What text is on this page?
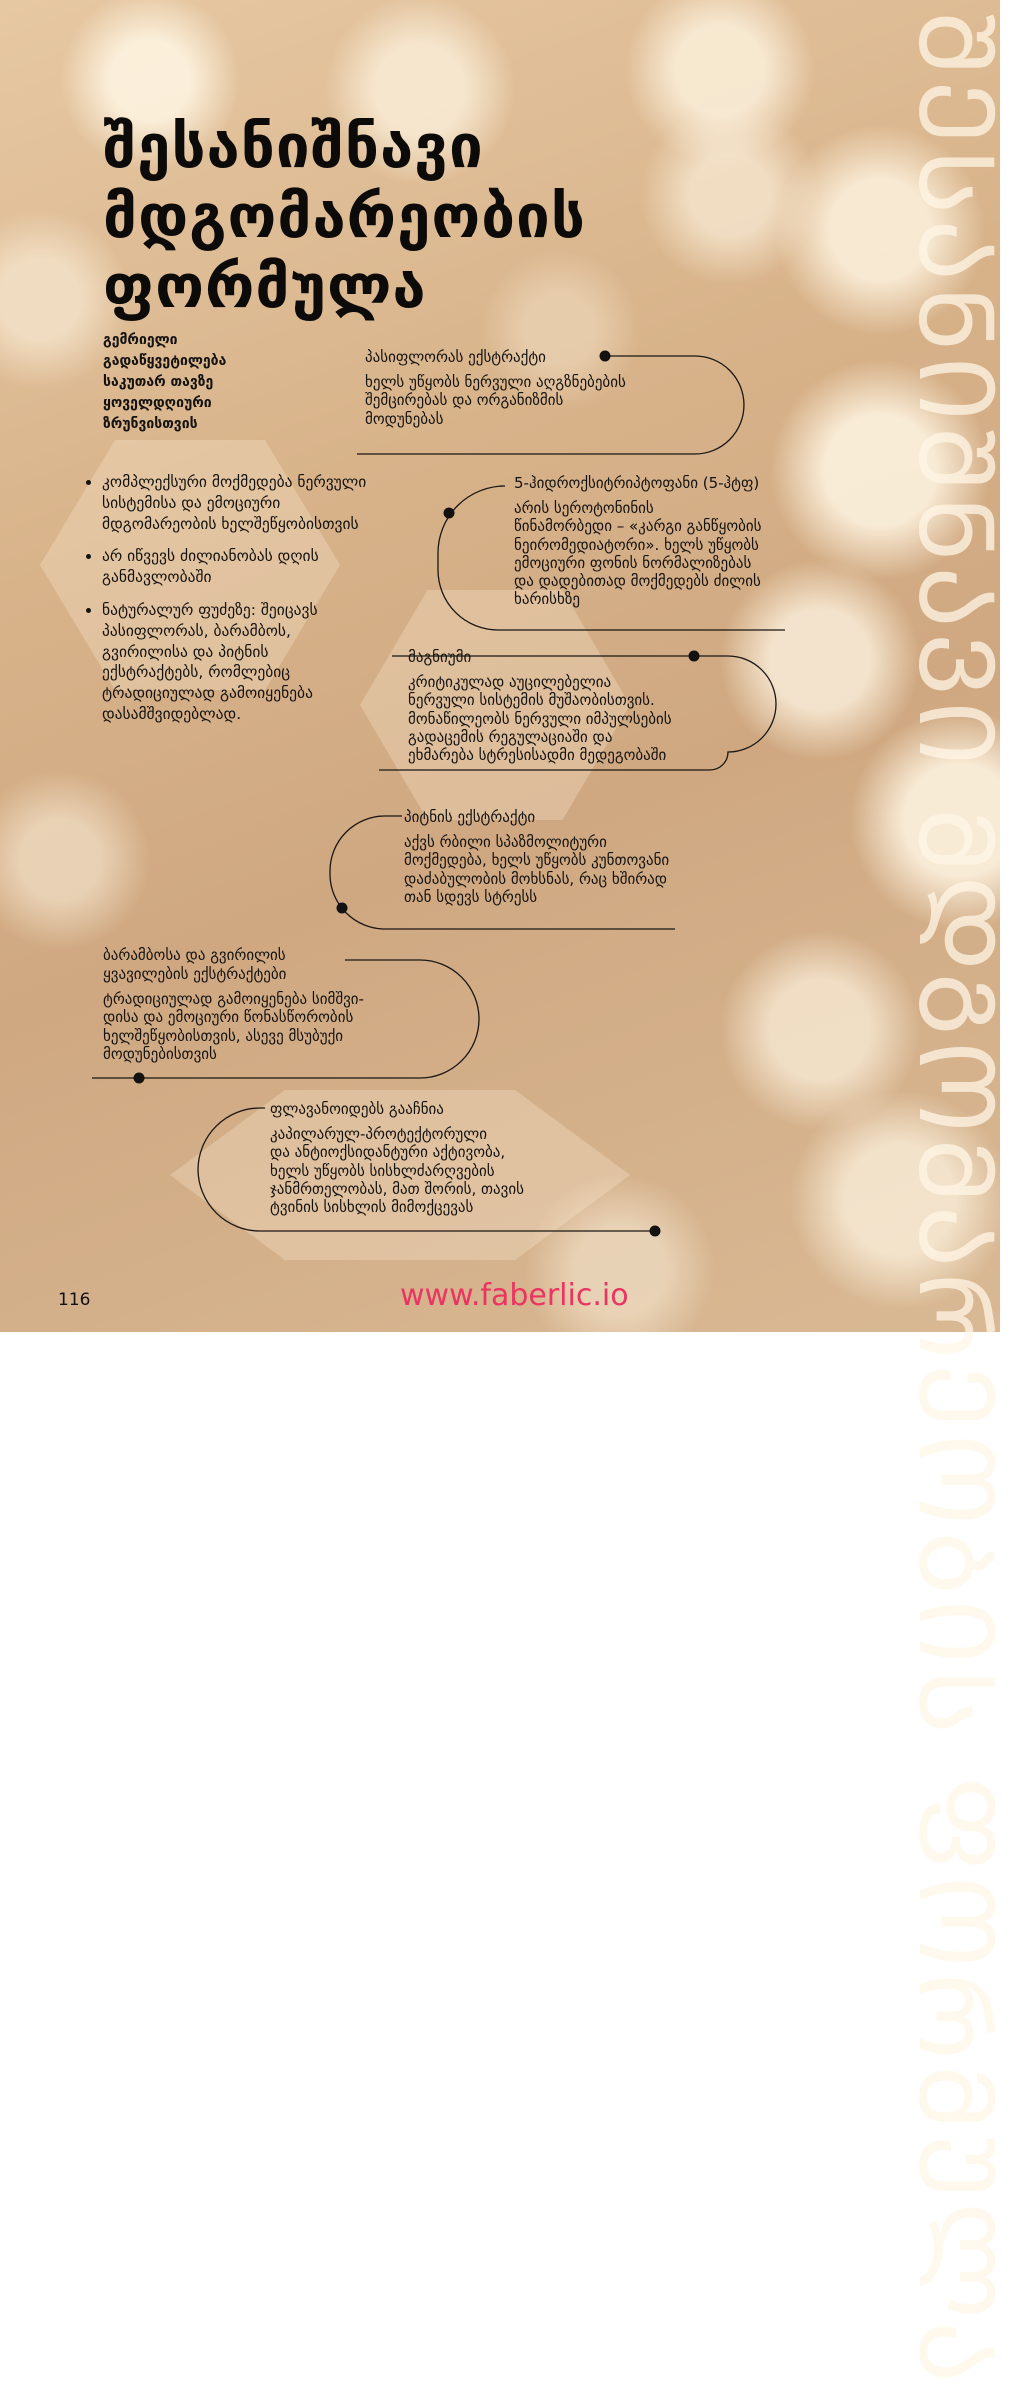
ᲨᲔᲡᲐᲜᲘᲨᲜᲐᲕᲘ ᲛᲓᲒᲝᲛᲐᲠᲔᲝᲑᲘᲡ ᲤᲝᲠᲛᲣᲚᲐ
შესანიშნავი
მდგომარეობის
ფორმულა
გემრიელი
გადაწყვეტილება
საკუთარ თავზე
ყოველდღიური
ზრუნვისთვის
• კომპლექსური მოქმედება ნერვული სისტემისა და ემოციური მდგომარეობის ხელშეწყობისთვის
• არ იწვევს ძილიანობას დღის განმავლობაში
• ნატურალურ ფუძეზე: შეიცავს პასიფლორას, ბარამბოს, გვირილისა და პიტნის ექსტრაქტებს, რომლებიც ტრადიციულად გამოიყენება დასამშვიდებლად.

პასიფლორას ექსტრაქტი

ხელს უწყობს ნერვული აღგზნებების
შემცირებას და ორგანიზმის
მოდუნებას

5-ჰიდროქსიტრიპტოფანი (5-ჰტფ)

არის სეროტონინის
წინამორბედი – «კარგი განწყობის
ნეირომედიატორი». ხელს უწყობს
ემოციური ფონის ნორმალიზებას
და დადებითად მოქმედებს ძილის
ხარისხზე

მაგნიუმი

კრიტიკულად აუცილებელია
ნერვული სისტემის მუშაობისთვის.
მონაწილეობს ნერვული იმპულსების
გადაცემის რეგულაციაში და
ეხმარება სტრესისადმი მედეგობაში

პიტნის ექსტრაქტი

აქვს რბილი სპაზმოლიტური
მოქმედება, ხელს უწყობს კუნთოვანი
დაძაბულობის მოხსნას, რაც ხშირად
თან სდევს სტრესს

ბარამბოსა და გვირილის
ყვავილების ექსტრაქტები

ტრადიციულად გამოიყენება სიმშვი-
დისა და ემოციური წონასწორობის
ხელშეწყობისთვის, ასევე მსუბუქი
მოდუნებისთვის

ფლავანოიდებს გააჩნია

კაპილარულ-პროტექტორული
და ანტიოქსიდანტური აქტივობა,
ხელს უწყობს სისხლძარღვების
ჯანმრთელობას, მათ შორის, თავის
ტვინის სისხლის მიმოქცევას

116	www.faberlic.io
